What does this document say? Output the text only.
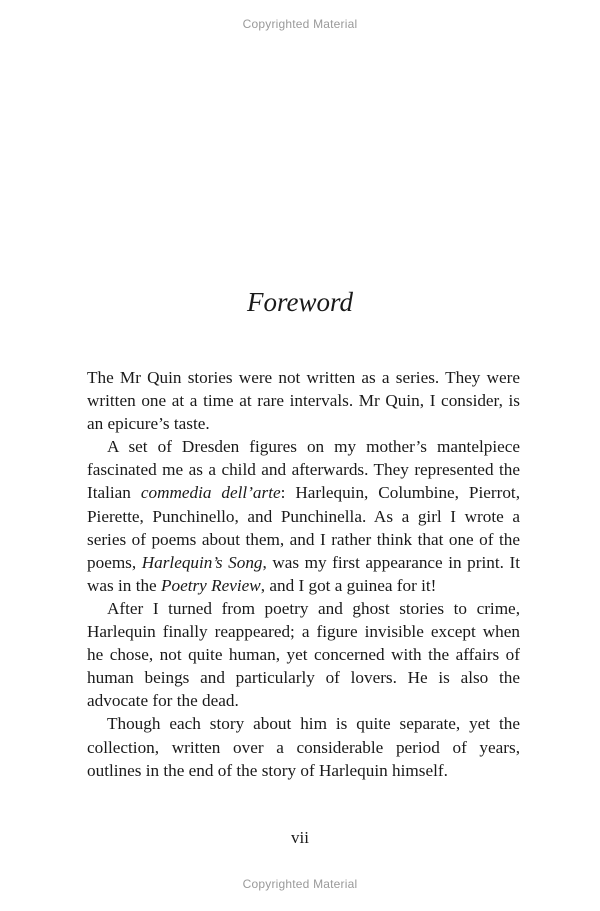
Copyrighted Material
Foreword

The Mr Quin stories were not written as a series. They were written one at a time at rare intervals. Mr Quin, I consider, is an epicure’s taste.

A set of Dresden figures on my mother’s mantelpiece fascinated me as a child and afterwards. They represented the Italian commedia dell’arte: Harlequin, Columbine, Pierrot, Pierette, Punchinello, and Punchinella. As a girl I wrote a series of poems about them, and I rather think that one of the poems, Harlequin’s Song, was my first appearance in print. It was in the Poetry Review, and I got a guinea for it!

After I turned from poetry and ghost stories to crime, Harlequin finally reappeared; a figure invisible except when he chose, not quite human, yet concerned with the affairs of human beings and particularly of lovers. He is also the advocate for the dead.

Though each story about him is quite separate, yet the collection, written over a considerable period of years, outlines in the end of the story of Harlequin himself.

vii
Copyrighted Material
